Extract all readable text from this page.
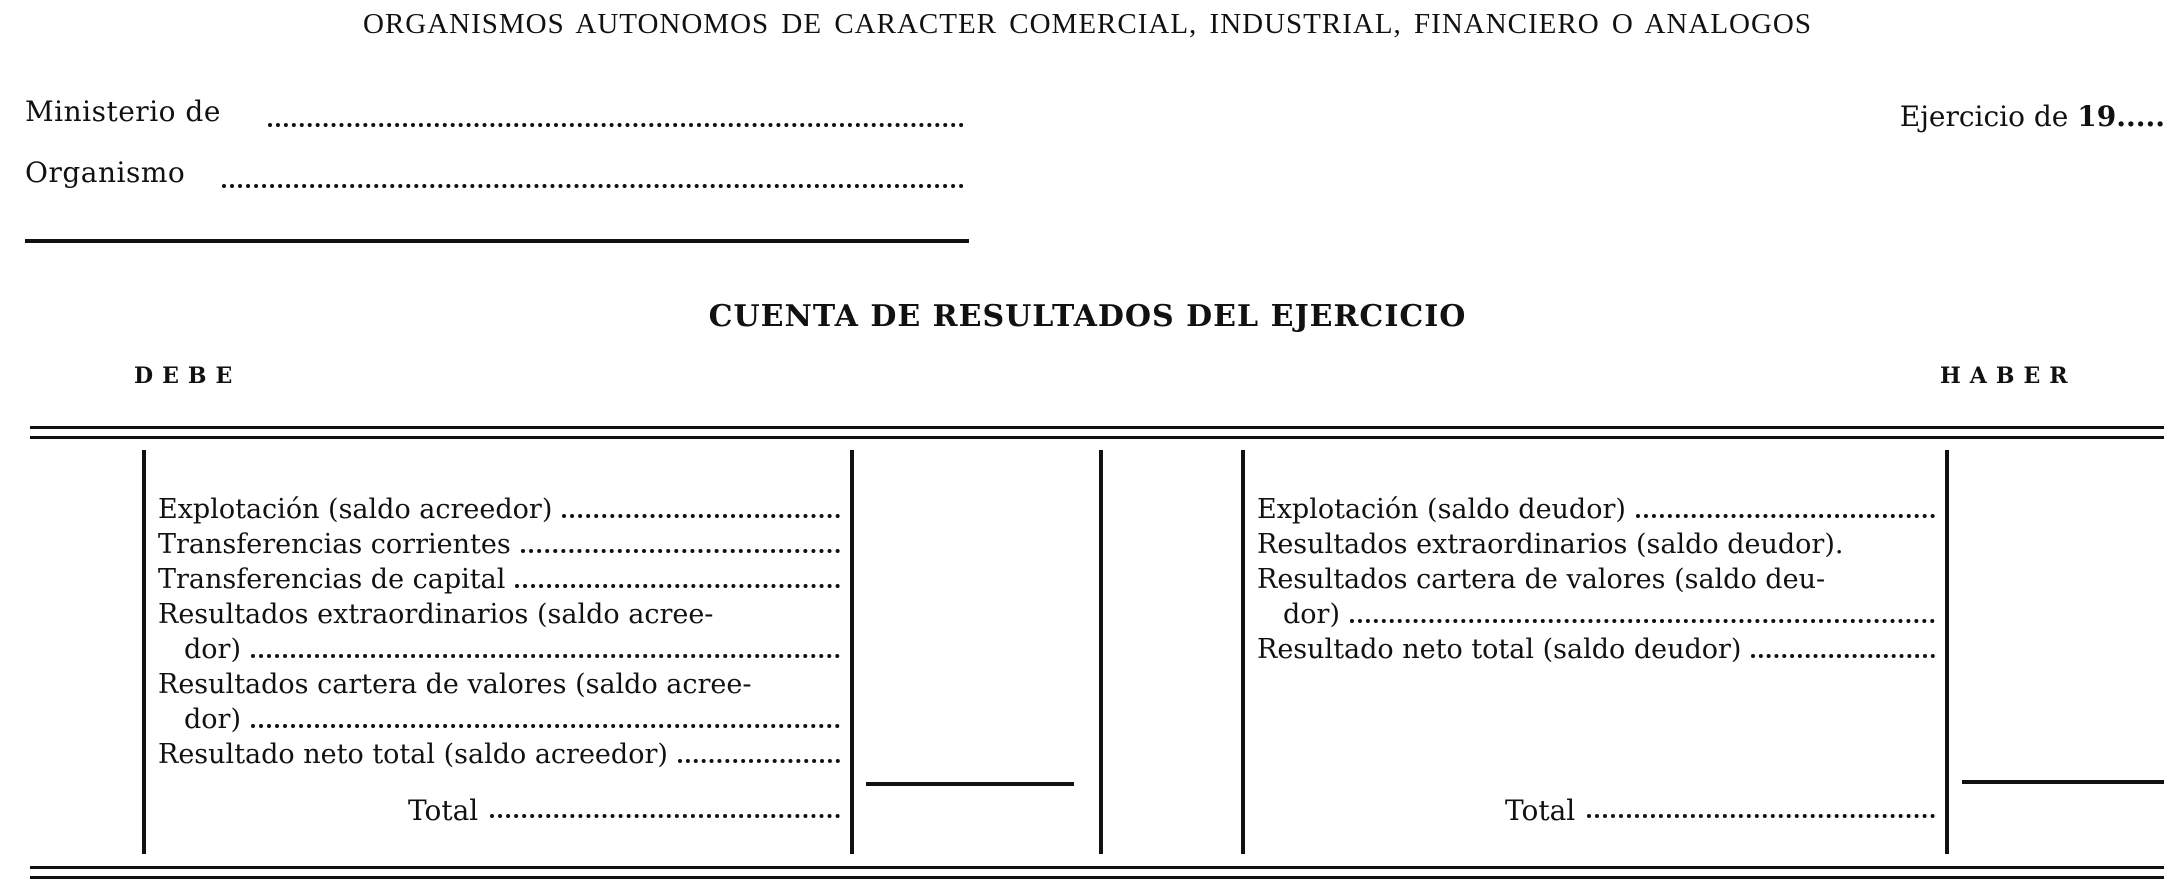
ORGANISMOS AUTONOMOS DE CARACTER COMERCIAL, INDUSTRIAL, FINANCIERO O ANALOGOS
Ministerio de
Organismo
Ejercicio de 19.....
CUENTA DE RESULTADOS DEL EJERCICIO
DEBE	HABER
Explotación (saldo acreedor)
Transferencias corrientes
Transferencias de capital
Resultados extraordinarios (saldo acree-
dor)
Resultados cartera de valores (saldo acree-
dor)
Resultado neto total (saldo acreedor)
Total
Explotación (saldo deudor)
Resultados extraordinarios (saldo deudor).
Resultados cartera de valores (saldo deu-
dor)
Resultado neto total (saldo deudor)
Total
